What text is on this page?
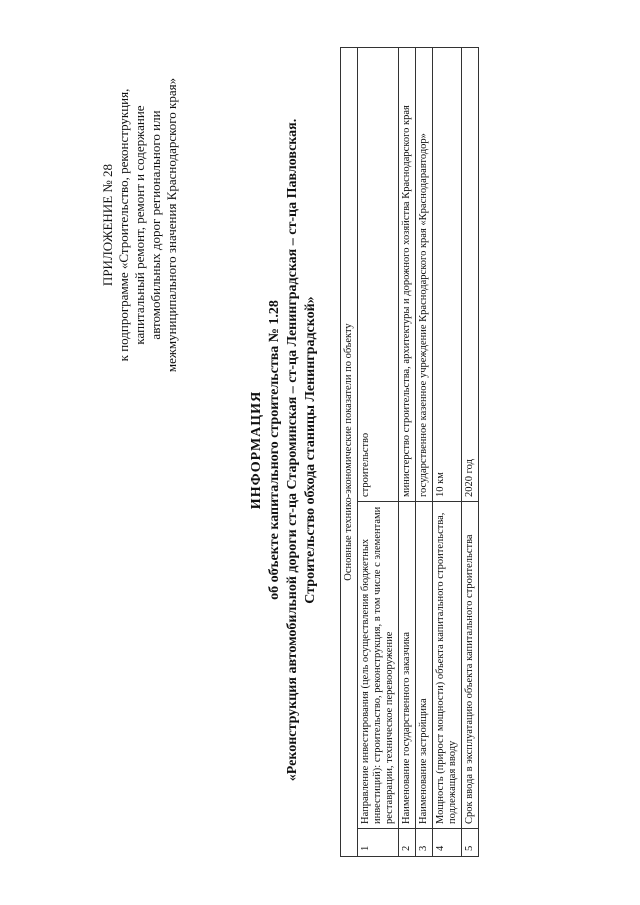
ПРИЛОЖЕНИЕ № 28 к подпрограмме «Строительство, реконструкция, капитальный ремонт, ремонт и содержание автомобильных дорог регионального или межмуниципального значения Краснодарского края»
ИНФОРМАЦИЯ об объекте капитального строительства № 1.28 «Реконструкция автомобильной дороги ст-ца Староминская – ст-ца Ленинградская – ст-ца Павловская. Строительство обхода станицы Ленинградской» Основные технико-экономические показатели по объекту		
1	Направление инвестирования (цель осуществления бюджетных инвестиций): строительство, реконструкция, в том числе с элементами реставрации, техническое перевооружение	строительство
2	Наименование государственного заказчика	министерство строительства, архитектуры и дорожного хозяйства Краснодарского края
3	Наименование застройщика	государственное казенное учреждение Краснодарского края «Краснодаравтодор»
4	Мощность (прирост мощности) объекта капитального строительства, подлежащая вводу	10 км
5	Срок ввода в эксплуатацию объекта капитального строительства	2020 год
